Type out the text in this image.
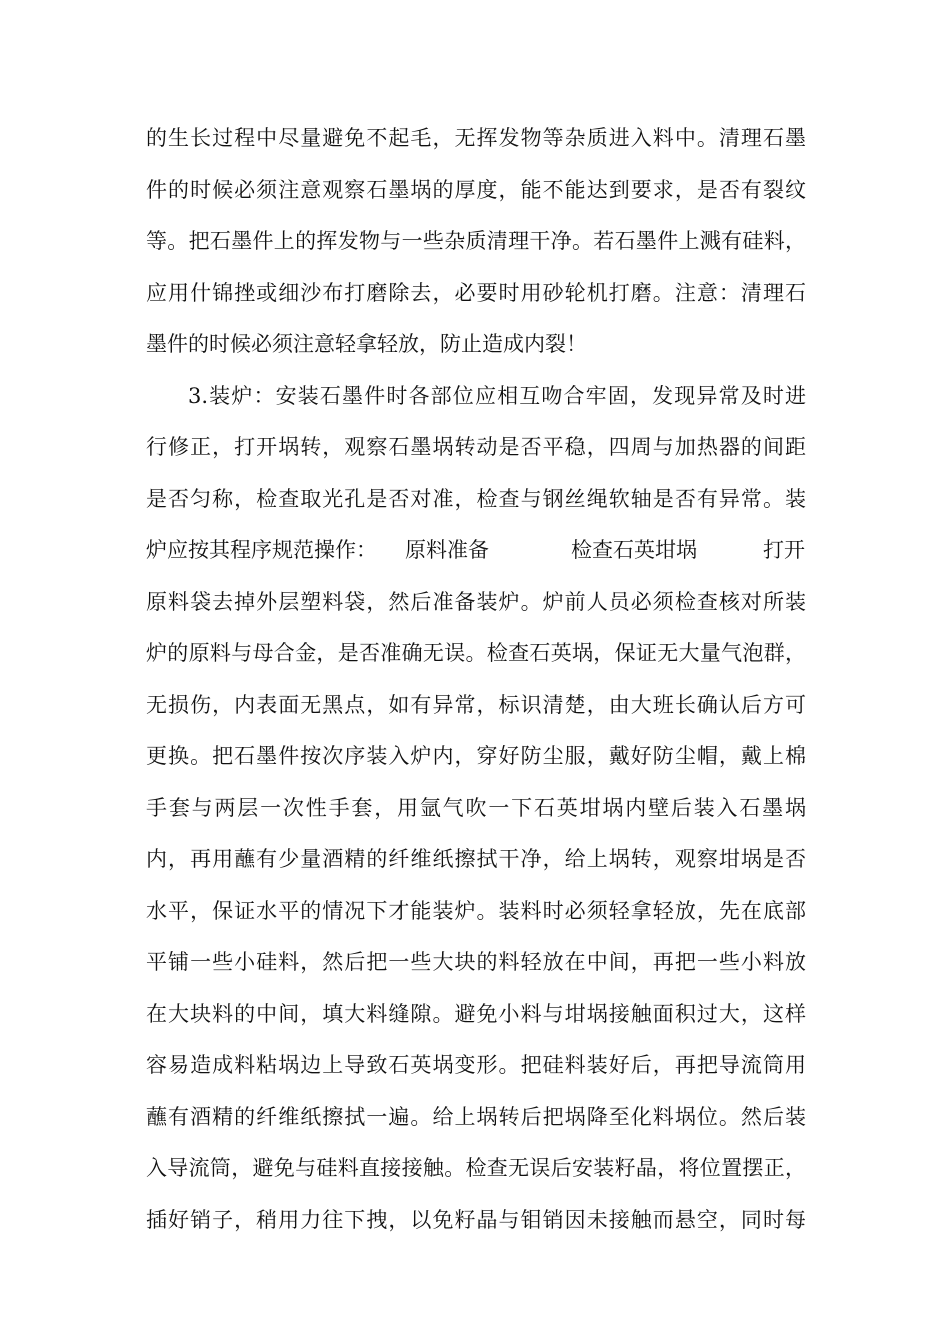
的生长过程中尽量避免不起毛，无挥发物等杂质进入料中。清理石墨
件的时候必须注意观察石墨埚的厚度，能不能达到要求，是否有裂纹
等。把石墨件上的挥发物与一些杂质清理干净。若石墨件上溅有硅料，
应用什锦挫或细沙布打磨除去，必要时用砂轮机打磨。注意：清理石
墨件的时候必须注意轻拿轻放，防止造成内裂！
3.装炉：安装石墨件时各部位应相互吻合牢固，发现异常及时进
行修正，打开埚转，观察石墨埚转动是否平稳，四周与加热器的间距
是否匀称，检查取光孔是否对准，检查与钢丝绳软轴是否有异常。装

炉应按其程序规范操作：

原料准备

	检查石英坩埚

	打开

原料袋去掉外层塑料袋，然后准备装炉。炉前人员必须检查核对所装
炉的原料与母合金，是否准确无误。检查石英埚，保证无大量气泡群，
无损伤，内表面无黑点，如有异常，标识清楚，由大班长确认后方可
更换。把石墨件按次序装入炉内，穿好防尘服，戴好防尘帽，戴上棉
手套与两层一次性手套，用氩气吹一下石英坩埚内壁后装入石墨埚
内，再用蘸有少量酒精的纤维纸擦拭干净，给上埚转，观察坩埚是否
水平，保证水平的情况下才能装炉。装料时必须轻拿轻放，先在底部
平铺一些小硅料，然后把一些大块的料轻放在中间，再把一些小料放
在大块料的中间，填大料缝隙。避免小料与坩埚接触面积过大，这样
容易造成料粘埚边上导致石英埚变形。把硅料装好后，再把导流筒用
蘸有酒精的纤维纸擦拭一遍。给上埚转后把埚降至化料埚位。然后装
入导流筒，避免与硅料直接接触。检查无误后安装籽晶，将位置摆正，
插好销子，稍用力往下拽，以免籽晶与钼销因未接触而悬空，同时每
